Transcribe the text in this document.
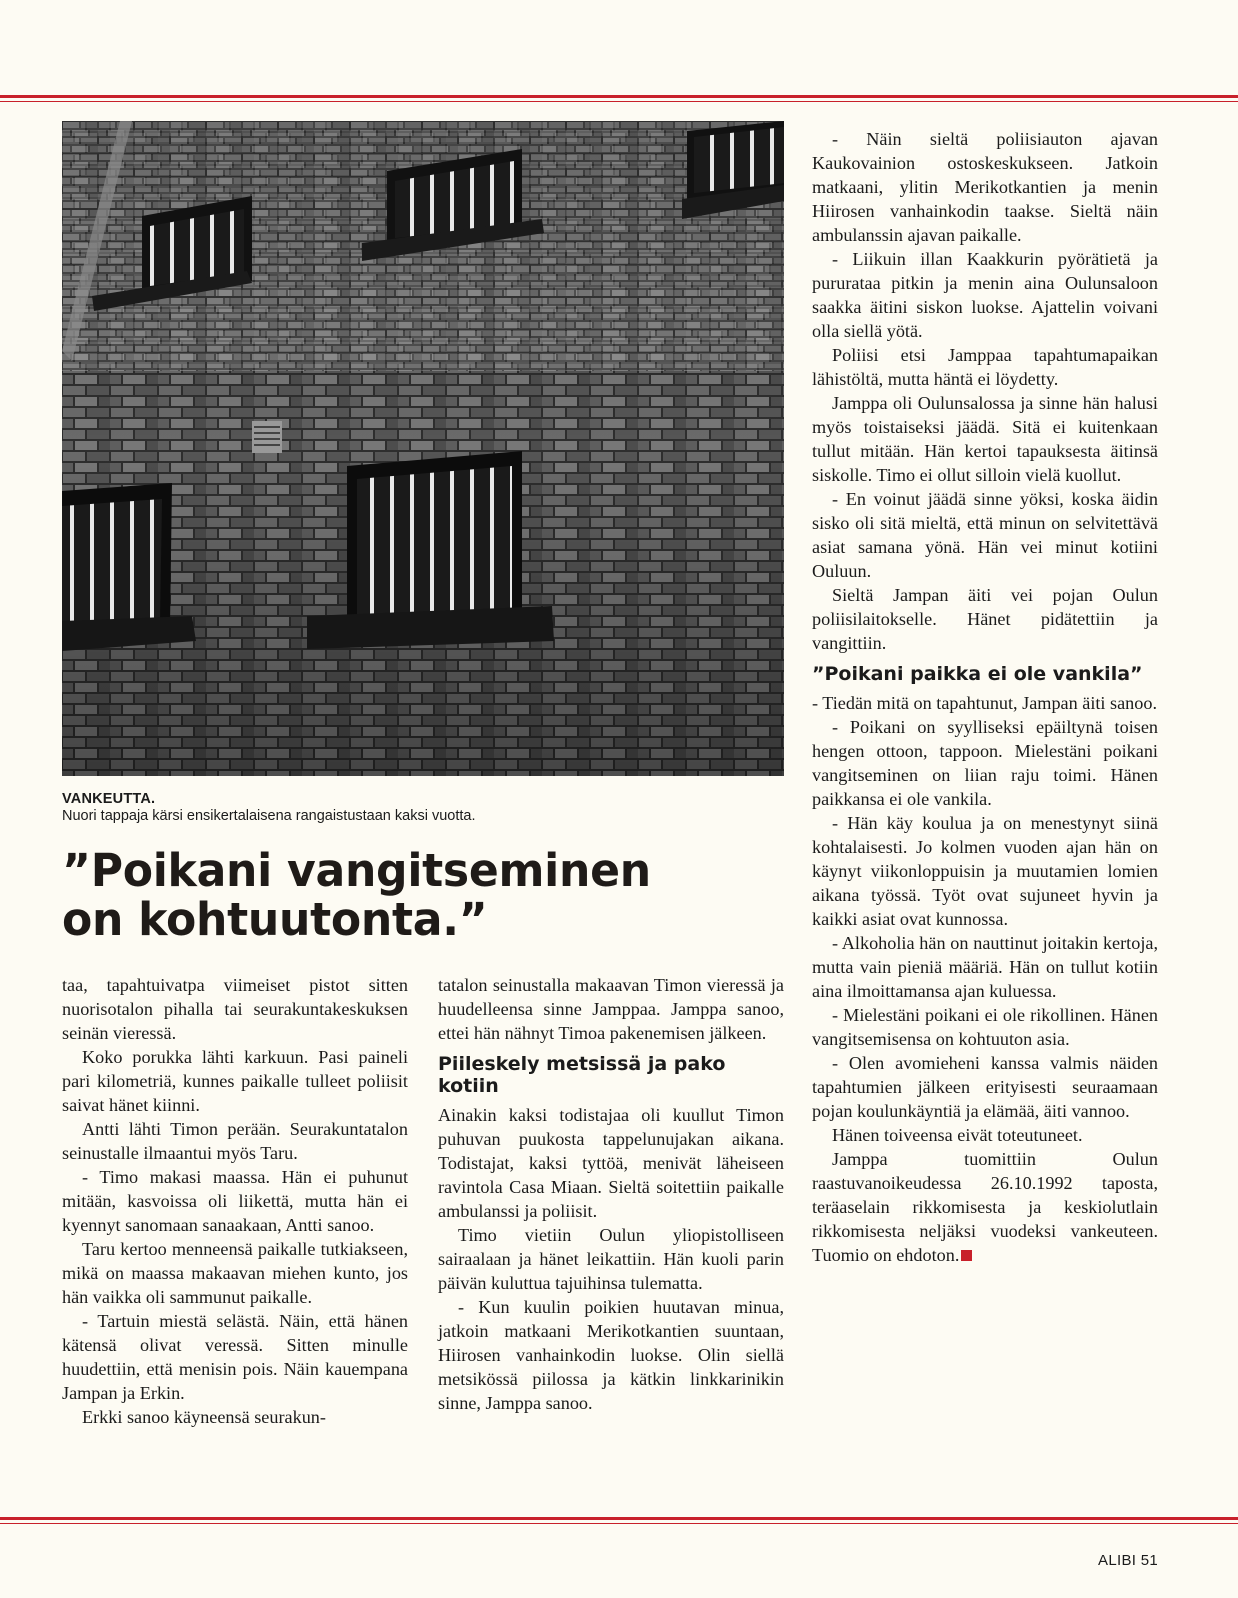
VANKEUTTA.
Nuori tappaja kärsi ensikertalaisena rangaistustaan kaksi vuotta.
”Poikani vangitseminen
on kohtuutonta.”

taa, tapahtuivatpa viimeiset pistot sitten nuorisotalon pihalla tai seurakuntakeskuksen seinän vieressä.

Koko porukka lähti karkuun. Pasi paineli pari kilometriä, kunnes paikalle tulleet poliisit saivat hänet kiinni.

Antti lähti Timon perään. Seurakuntatalon seinustalle ilmaantui myös Taru.

- Timo makasi maassa. Hän ei puhunut mitään, kasvoissa oli liikettä, mutta hän ei kyennyt sanomaan sanaakaan, Antti sanoo.

Taru kertoo menneensä paikalle tutkiakseen, mikä on maassa makaavan miehen kunto, jos hän vaikka oli sammunut paikalle.

- Tartuin miestä selästä. Näin, että hänen kätensä olivat veressä. Sitten minulle huudettiin, että menisin pois. Näin kauempana Jampan ja Erkin.

Erkki sanoo käyneensä seurakun-

tatalon seinustalla makaavan Timon vieressä ja huudelleensa sinne Jamppaa. Jamppa sanoo, ettei hän nähnyt Timoa pakenemisen jälkeen.

Piileskely metsissä ja pako kotiin

Ainakin kaksi todistajaa oli kuullut Timon puhuvan puukosta tappelunujakan aikana. Todistajat, kaksi tyttöä, menivät läheiseen ravintola Casa Miaan. Sieltä soitettiin paikalle ambulanssi ja poliisit.

Timo vietiin Oulun yliopistolliseen sairaalaan ja hänet leikattiin. Hän kuoli parin päivän kuluttua tajuihinsa tulematta.

- Kun kuulin poikien huutavan minua, jatkoin matkaani Merikotkantien suuntaan, Hiirosen vanhainkodin luokse. Olin siellä metsikössä piilossa ja kätkin linkkarinikin sinne, Jamppa sanoo.

- Näin sieltä poliisiauton ajavan Kaukovainion ostoskeskukseen. Jatkoin matkaani, ylitin Merikotkantien ja menin Hiirosen vanhainkodin taakse. Sieltä näin ambulanssin ajavan paikalle.

- Liikuin illan Kaakkurin pyörätietä ja pururataa pitkin ja menin aina Oulunsaloon saakka äitini siskon luokse. Ajattelin voivani olla siellä yötä.

Poliisi etsi Jamppaa tapahtumapaikan lähistöltä, mutta häntä ei löydetty.

Jamppa oli Oulunsalossa ja sinne hän halusi myös toistaiseksi jäädä. Sitä ei kuitenkaan tullut mitään. Hän kertoi tapauksesta äitinsä siskolle. Timo ei ollut silloin vielä kuollut.

- En voinut jäädä sinne yöksi, koska äidin sisko oli sitä mieltä, että minun on selvitettävä asiat samana yönä. Hän vei minut kotiini Ouluun.

Sieltä Jampan äiti vei pojan Oulun poliisilaitokselle. Hänet pidätettiin ja vangittiin.

”Poikani paikka ei ole vankila”

- Tiedän mitä on tapahtunut, Jampan äiti sanoo.

- Poikani on syylliseksi epäiltynä toisen hengen ottoon, tappoon. Mielestäni poikani vangitseminen on liian raju toimi. Hänen paikkansa ei ole vankila.

- Hän käy koulua ja on menestynyt siinä kohtalaisesti. Jo kolmen vuoden ajan hän on käynyt viikonloppuisin ja muutamien lomien aikana työssä. Työt ovat sujuneet hyvin ja kaikki asiat ovat kunnossa.

- Alkoholia hän on nauttinut joitakin kertoja, mutta vain pieniä määriä. Hän on tullut kotiin aina ilmoittamansa ajan kuluessa.

- Mielestäni poikani ei ole rikollinen. Hänen vangitsemisensa on kohtuuton asia.

- Olen avomieheni kanssa valmis näiden tapahtumien jälkeen erityisesti seuraamaan pojan koulunkäyntiä ja elämää, äiti vannoo.

Hänen toiveensa eivät toteutuneet.

Jamppa tuomittiin Oulun raastuvanoikeudessa 26.10.1992 taposta, teräaselain rikkomisesta ja keskiolutlain rikkomisesta neljäksi vuodeksi vankeuteen. Tuomio on ehdoton.

ALIBI 51
